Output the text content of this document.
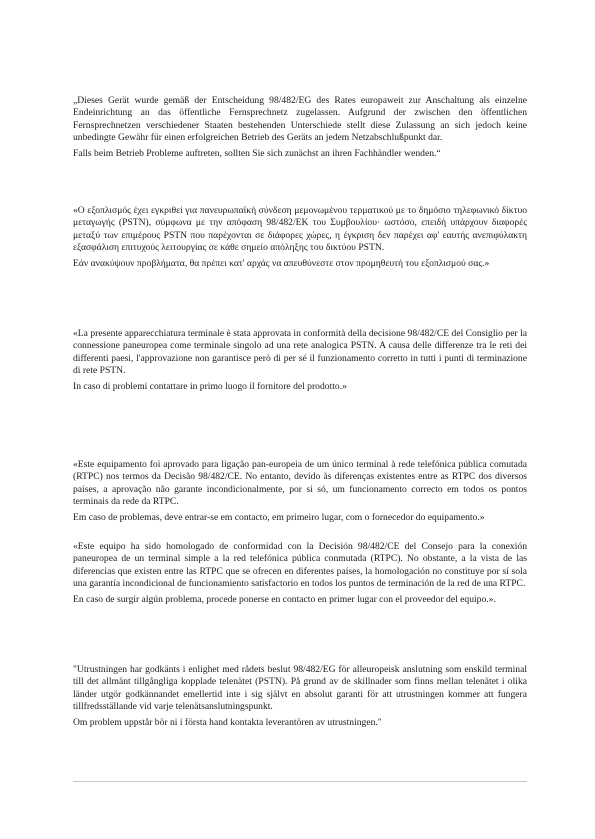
„Dieses Gerät wurde gemäß der Entscheidung 98/482/EG des Rates europaweit zur Anschaltung als einzelne Endeinrichtung an das öffentliche Fernsprechnetz zugelassen. Aufgrund der zwischen den öffentlichen Fernsprechnetzen verschiedener Staaten bestehenden Unterschiede stellt diese Zulassung an sich jedoch keine unbedingte Gewähr für einen erfolgreichen Betrieb des Geräts an jedem Netzabschlußpunkt dar.

Falls beim Betrieb Probleme auftreten, sollten Sie sich zunächst an ihren Fachhändler wenden.“

«Ο εξοπλισμός έχει εγκριθεί για πανευρωπαϊκή σύνδεση μεμονωμένου τερματικού με το δημόσιο τηλεφωνικό δίκτυο μεταγωγής (PSTN), σύμφωνα με την απόφαση 98/482/ΕΚ του Συμβουλίου· ωστόσο, επειδή υπάρχουν διαφορές μεταξύ των επιμέρους PSTN που παρέχονται σε διάφορες χώρες, η έγκριση δεν παρέχει αφ' εαυτής ανεπιφύλακτη εξασφάλιση επιτυχούς λειτουργίας σε κάθε σημείο απόληξης του δικτύου PSTN.

Εάν ανακύψουν προβλήματα, θα πρέπει κατ' αρχάς να απευθύνεστε στον προμηθευτή του εξοπλισμού σας.»

«La presente apparecchiatura terminale è stata approvata in conformità della decisione 98/482/CE del Consiglio per la connessione paneuropea come terminale singolo ad una rete analogica PSTN. A causa delle differenze tra le reti dei differenti paesi, l'approvazione non garantisce però di per sé il funzionamento corretto in tutti i punti di terminazione di rete PSTN.

In caso di problemi contattare in primo luogo il fornitore del prodotto.»

«Este equipamento foi aprovado para ligação pan-europeia de um único terminal à rede telefónica pública comutada (RTPC) nos termos da Decisão 98/482/CE. No entanto, devido às diferenças existentes entre as RTPC dos diversos países, a aprovação não garante incondicionalmente, por si só, um funcionamento correcto em todos os pontos terminais da rede da RTPC.

Em caso de problemas, deve entrar-se em contacto, em primeiro lugar, com o fornecedor do equipamento.»

«Este equipo ha sido homologado de conformidad con la Decisión 98/482/CE del Consejo para la conexión paneuropea de un terminal simple a la red telefónica pública conmutada (RTPC). No obstante, a la vista de las diferencias que existen entre las RTPC que se ofrecen en diferentes países, la homologación no constituye por sí sola una garantía incondicional de funcionamiento satisfactorio en todos los puntos de terminación de la red de una RTPC.

En caso de surgir algún problema, procede ponerse en contacto en primer lugar con el proveedor del equipo.».

"Utrustningen har godkänts i enlighet med rådets beslut 98/482/EG för alleuropeisk anslutning som enskild terminal till det allmänt tillgångliga kopplade telenätet (PSTN). På grund av de skillnader som finns mellan telenätet i olika länder utgör godkännandet emellertid inte i sig självt en absolut garanti för att utrustningen kommer att fungera tillfredsställande vid varje telenätsanslutningspunkt.

Om problem uppstår bör ni i första hand kontakta leverantören av utrustningen."
